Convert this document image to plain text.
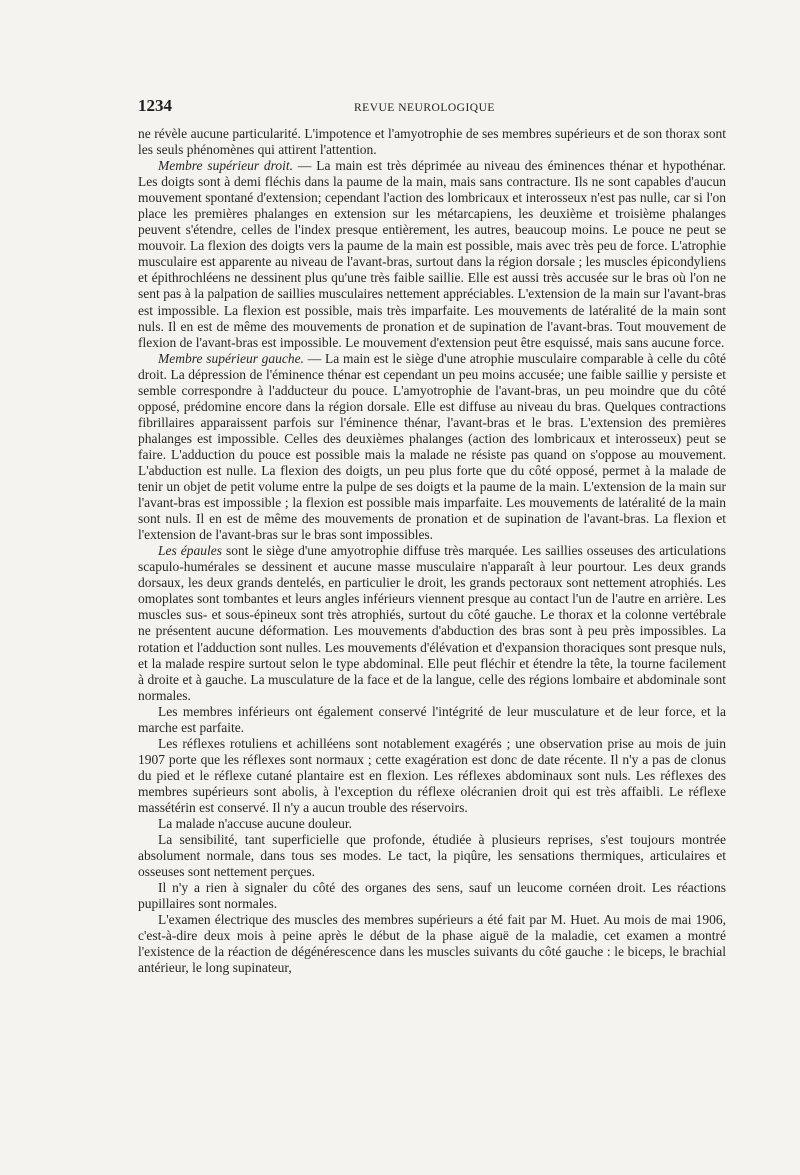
1234	REVUE NEUROLOGIQUE

ne révèle aucune particularité. L'impotence et l'amyotrophie de ses membres supérieurs et de son thorax sont les seuls phénomènes qui attirent l'attention.

Membre supérieur droit. — La main est très déprimée au niveau des éminences thénar et hypothénar. Les doigts sont à demi fléchis dans la paume de la main, mais sans contracture. Ils ne sont capables d'aucun mouvement spontané d'extension; cependant l'action des lombricaux et interosseux n'est pas nulle, car si l'on place les premières phalanges en extension sur les métarcapiens, les deuxième et troisième phalanges peuvent s'étendre, celles de l'index presque entièrement, les autres, beaucoup moins. Le pouce ne peut se mouvoir. La flexion des doigts vers la paume de la main est possible, mais avec très peu de force. L'atrophie musculaire est apparente au niveau de l'avant-bras, surtout dans la région dorsale ; les muscles épicondyliens et épithrochléens ne dessinent plus qu'une très faible saillie. Elle est aussi très accusée sur le bras où l'on ne sent pas à la palpation de saillies musculaires nettement appréciables. L'extension de la main sur l'avant-bras est impossible. La flexion est possible, mais très imparfaite. Les mouvements de latéralité de la main sont nuls. Il en est de même des mouvements de pronation et de supination de l'avant-bras. Tout mouvement de flexion de l'avant-bras est impossible. Le mouvement d'extension peut être esquissé, mais sans aucune force.

Membre supérieur gauche. — La main est le siège d'une atrophie musculaire comparable à celle du côté droit. La dépression de l'éminence thénar est cependant un peu moins accusée; une faible saillie y persiste et semble correspondre à l'adducteur du pouce. L'amyotrophie de l'avant-bras, un peu moindre que du côté opposé, prédomine encore dans la région dorsale. Elle est diffuse au niveau du bras. Quelques contractions fibrillaires apparaissent parfois sur l'éminence thénar, l'avant-bras et le bras. L'extension des premières phalanges est impossible. Celles des deuxièmes phalanges (action des lombricaux et interosseux) peut se faire. L'adduction du pouce est possible mais la malade ne résiste pas quand on s'oppose au mouvement. L'abduction est nulle. La flexion des doigts, un peu plus forte que du côté opposé, permet à la malade de tenir un objet de petit volume entre la pulpe de ses doigts et la paume de la main. L'extension de la main sur l'avant-bras est impossible ; la flexion est possible mais imparfaite. Les mouvements de latéralité de la main sont nuls. Il en est de même des mouvements de pronation et de supination de l'avant-bras. La flexion et l'extension de l'avant-bras sur le bras sont impossibles.

Les épaules sont le siège d'une amyotrophie diffuse très marquée. Les saillies osseuses des articulations scapulo-humérales se dessinent et aucune masse musculaire n'apparaît à leur pourtour. Les deux grands dorsaux, les deux grands dentelés, en particulier le droit, les grands pectoraux sont nettement atrophiés. Les omoplates sont tombantes et leurs angles inférieurs viennent presque au contact l'un de l'autre en arrière. Les muscles sus- et sous-épineux sont très atrophiés, surtout du côté gauche. Le thorax et la colonne vertébrale ne présentent aucune déformation. Les mouvements d'abduction des bras sont à peu près impossibles. La rotation et l'adduction sont nulles. Les mouvements d'élévation et d'expansion thoraciques sont presque nuls, et la malade respire surtout selon le type abdominal. Elle peut fléchir et étendre la tête, la tourne facilement à droite et à gauche. La musculature de la face et de la langue, celle des régions lombaire et abdominale sont normales.

Les membres inférieurs ont également conservé l'intégrité de leur musculature et de leur force, et la marche est parfaite.

Les réflexes rotuliens et achilléens sont notablement exagérés ; une observation prise au mois de juin 1907 porte que les réflexes sont normaux ; cette exagération est donc de date récente. Il n'y a pas de clonus du pied et le réflexe cutané plantaire est en flexion. Les réflexes abdominaux sont nuls. Les réflexes des membres supérieurs sont abolis, à l'exception du réflexe olécranien droit qui est très affaibli. Le réflexe massétérin est conservé. Il n'y a aucun trouble des réservoirs.

La malade n'accuse aucune douleur.

La sensibilité, tant superficielle que profonde, étudiée à plusieurs reprises, s'est toujours montrée absolument normale, dans tous ses modes. Le tact, la piqûre, les sensations thermiques, articulaires et osseuses sont nettement perçues.

Il n'y a rien à signaler du côté des organes des sens, sauf un leucome cornéen droit. Les réactions pupillaires sont normales.

L'examen électrique des muscles des membres supérieurs a été fait par M. Huet. Au mois de mai 1906, c'est-à-dire deux mois à peine après le début de la phase aiguë de la maladie, cet examen a montré l'existence de la réaction de dégénérescence dans les muscles suivants du côté gauche : le biceps, le brachial antérieur, le long supinateur,
